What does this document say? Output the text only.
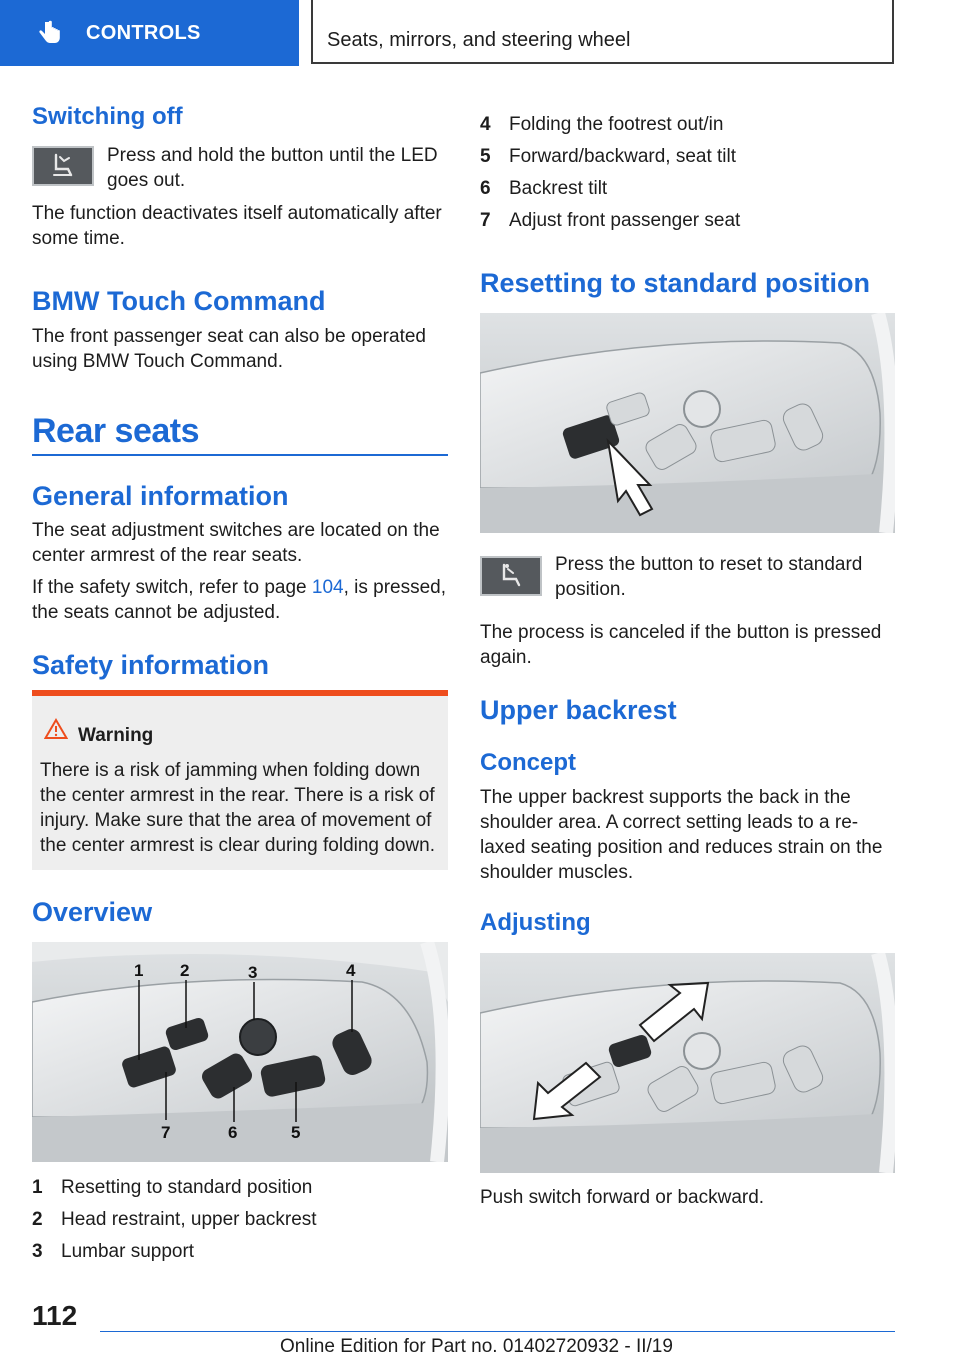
CONTROLS	Seats, mirrors, and steering wheel
Switching off

Press and hold the button until the LED goes out.

The function deactivates itself automatically after some time.

BMW Touch Command

The front passenger seat can also be operated using BMW Touch Command.

Rear seats
General information

The seat adjustment switches are located on the center armrest of the rear seats.

If the safety switch, refer to page 104, is pressed, the seats cannot be adjusted.

Safety information
Warning

There is a risk of jamming when folding down the center armrest in the rear. There is a risk of injury. Make sure that the area of movement of the center armrest is clear during folding down.

Overview
1 2	3	4
7	6	5
1 Resetting to standard position
2 Head restraint, upper backrest
3 Lumbar support
4 Folding the footrest out/in
5 Forward/backward, seat tilt
6 Backrest tilt
7 Adjust front passenger seat
Resetting to standard position

Press the button to reset to standard position.

The process is canceled if the button is pressed again.

Upper backrest
Concept

The upper backrest supports the back in the shoulder area. A correct setting leads to a re-laxed seating position and reduces strain on the shoulder muscles.

Adjusting

Push switch forward or backward.

112
Online Edition for Part no. 01402720932 - II/19
